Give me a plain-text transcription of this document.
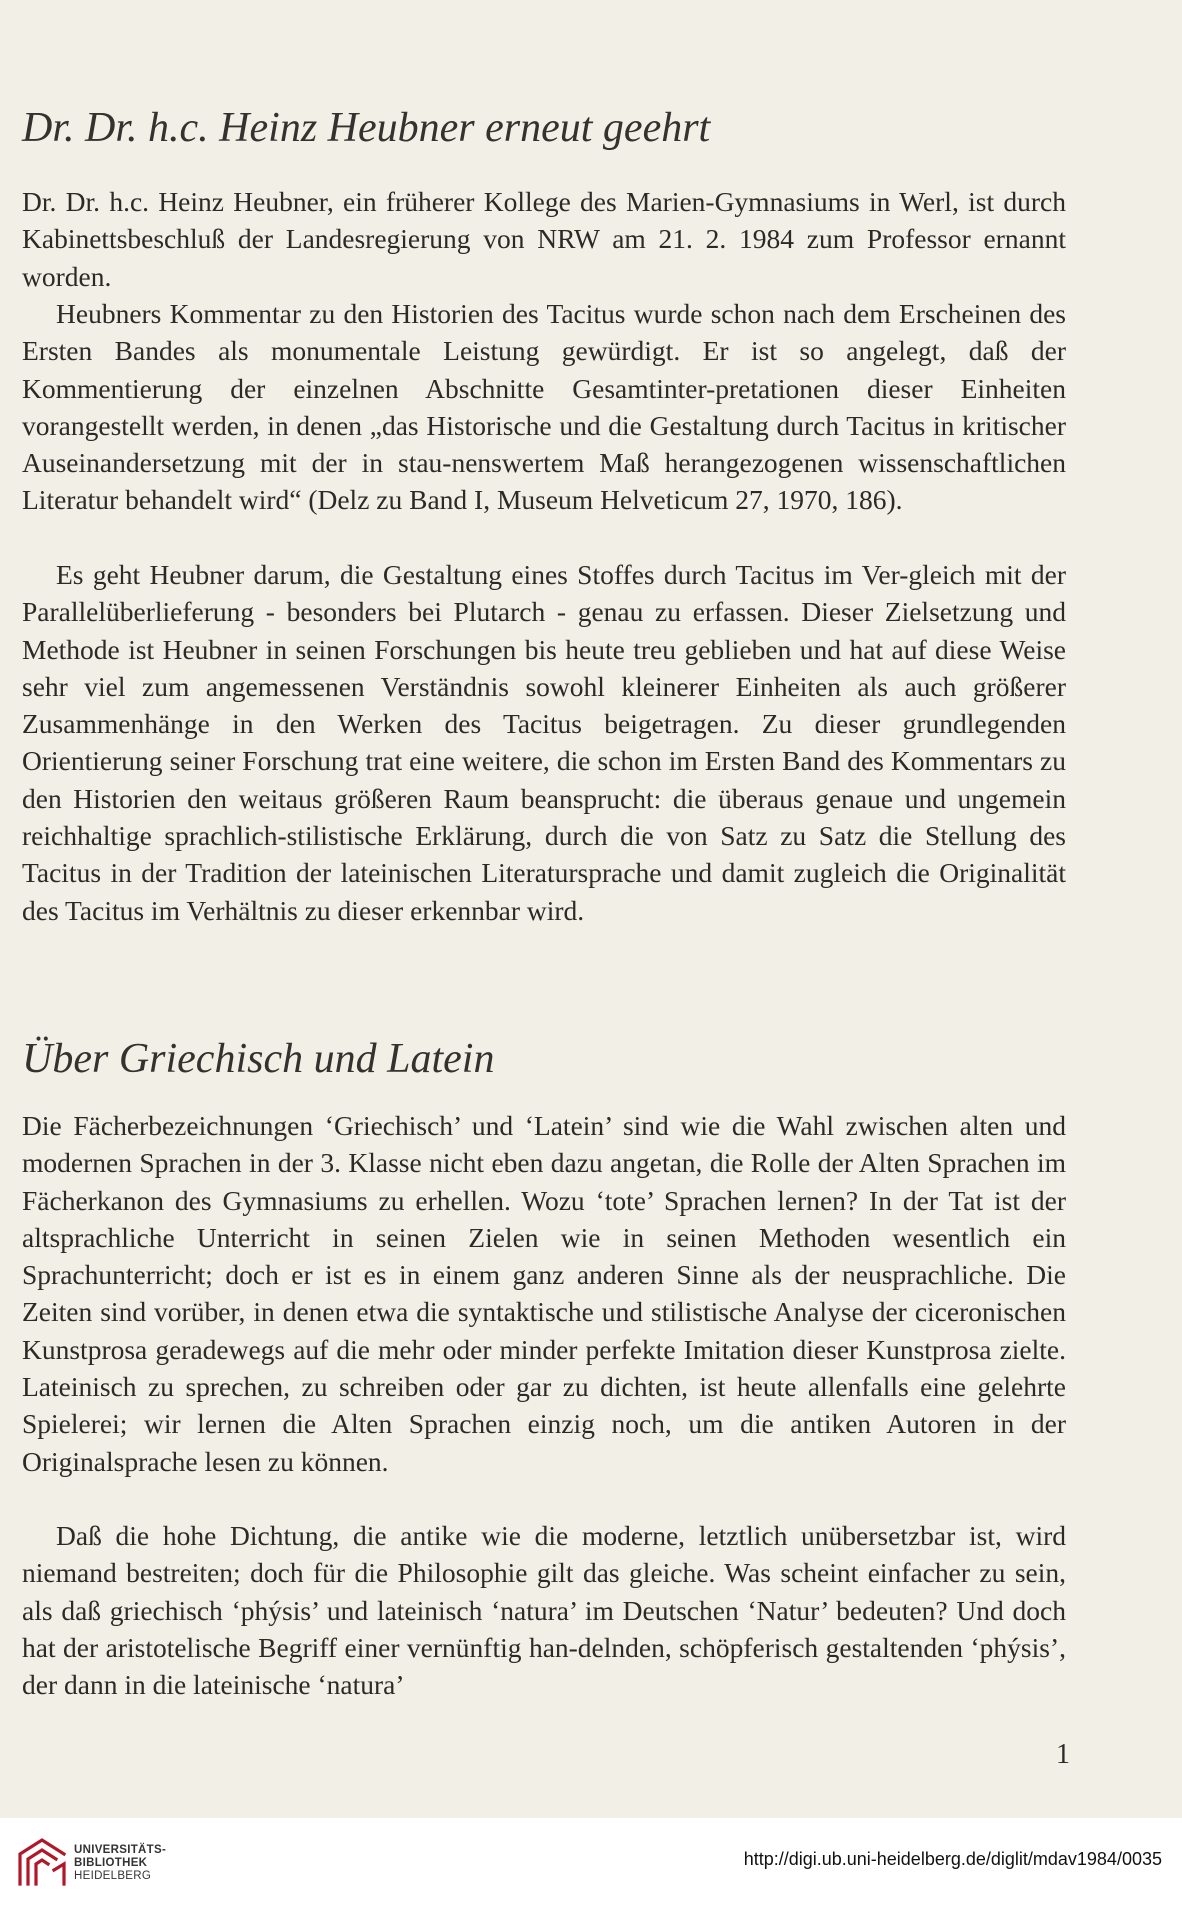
Dr. Dr. h.c. Heinz Heubner erneut geehrt

Dr. Dr. h.c. Heinz Heubner, ein früherer Kollege des Marien-Gymnasiums in Werl, ist durch Kabinettsbeschluß der Landesregierung von NRW am 21. 2. 1984 zum Professor ernannt worden.

Heubners Kommentar zu den Historien des Tacitus wurde schon nach dem Erscheinen des Ersten Bandes als monumentale Leistung gewürdigt. Er ist so angelegt, daß der Kommentierung der einzelnen Abschnitte Gesamtinter-pretationen dieser Einheiten vorangestellt werden, in denen „das Historische und die Gestaltung durch Tacitus in kritischer Auseinandersetzung mit der in stau-nenswertem Maß herangezogenen wissenschaftlichen Literatur behandelt wird“ (Delz zu Band I, Museum Helveticum 27, 1970, 186).

Es geht Heubner darum, die Gestaltung eines Stoffes durch Tacitus im Ver-gleich mit der Parallelüberlieferung - besonders bei Plutarch - genau zu erfassen. Dieser Zielsetzung und Methode ist Heubner in seinen Forschungen bis heute treu geblieben und hat auf diese Weise sehr viel zum angemessenen Verständnis sowohl kleinerer Einheiten als auch größerer Zusammenhänge in den Werken des Tacitus beigetragen. Zu dieser grundlegenden Orientierung seiner Forschung trat eine weitere, die schon im Ersten Band des Kommentars zu den Historien den weitaus größeren Raum beansprucht: die überaus genaue und ungemein reichhaltige sprachlich-stilistische Erklärung, durch die von Satz zu Satz die Stellung des Tacitus in der Tradition der lateinischen Literatursprache und damit zugleich die Originalität des Tacitus im Verhältnis zu dieser erkennbar wird.

Über Griechisch und Latein

Die Fächerbezeichnungen ‘Griechisch’ und ‘Latein’ sind wie die Wahl zwischen alten und modernen Sprachen in der 3. Klasse nicht eben dazu angetan, die Rolle der Alten Sprachen im Fächerkanon des Gymnasiums zu erhellen. Wozu ‘tote’ Sprachen lernen? In der Tat ist der altsprachliche Unterricht in seinen Zielen wie in seinen Methoden wesentlich ein Sprachunterricht; doch er ist es in einem ganz anderen Sinne als der neusprachliche. Die Zeiten sind vorüber, in denen etwa die syntaktische und stilistische Analyse der ciceronischen Kunstprosa geradewegs auf die mehr oder minder perfekte Imitation dieser Kunstprosa zielte. Lateinisch zu sprechen, zu schreiben oder gar zu dichten, ist heute allenfalls eine gelehrte Spielerei; wir lernen die Alten Sprachen einzig noch, um die antiken Autoren in der Originalsprache lesen zu können.

Daß die hohe Dichtung, die antike wie die moderne, letztlich unübersetzbar ist, wird niemand bestreiten; doch für die Philosophie gilt das gleiche. Was scheint einfacher zu sein, als daß griechisch ‘phýsis’ und lateinisch ‘natura’ im Deutschen ‘Natur’ bedeuten? Und doch hat der aristotelische Begriff einer vernünftig han-delnden, schöpferisch gestaltenden ‘phýsis’, der dann in die lateinische ‘natura’

1
UNIVERSITÄTS-
BIBLIOTHEK
HEIDELBERG
http://digi.ub.uni-heidelberg.de/diglit/mdav1984/0035
